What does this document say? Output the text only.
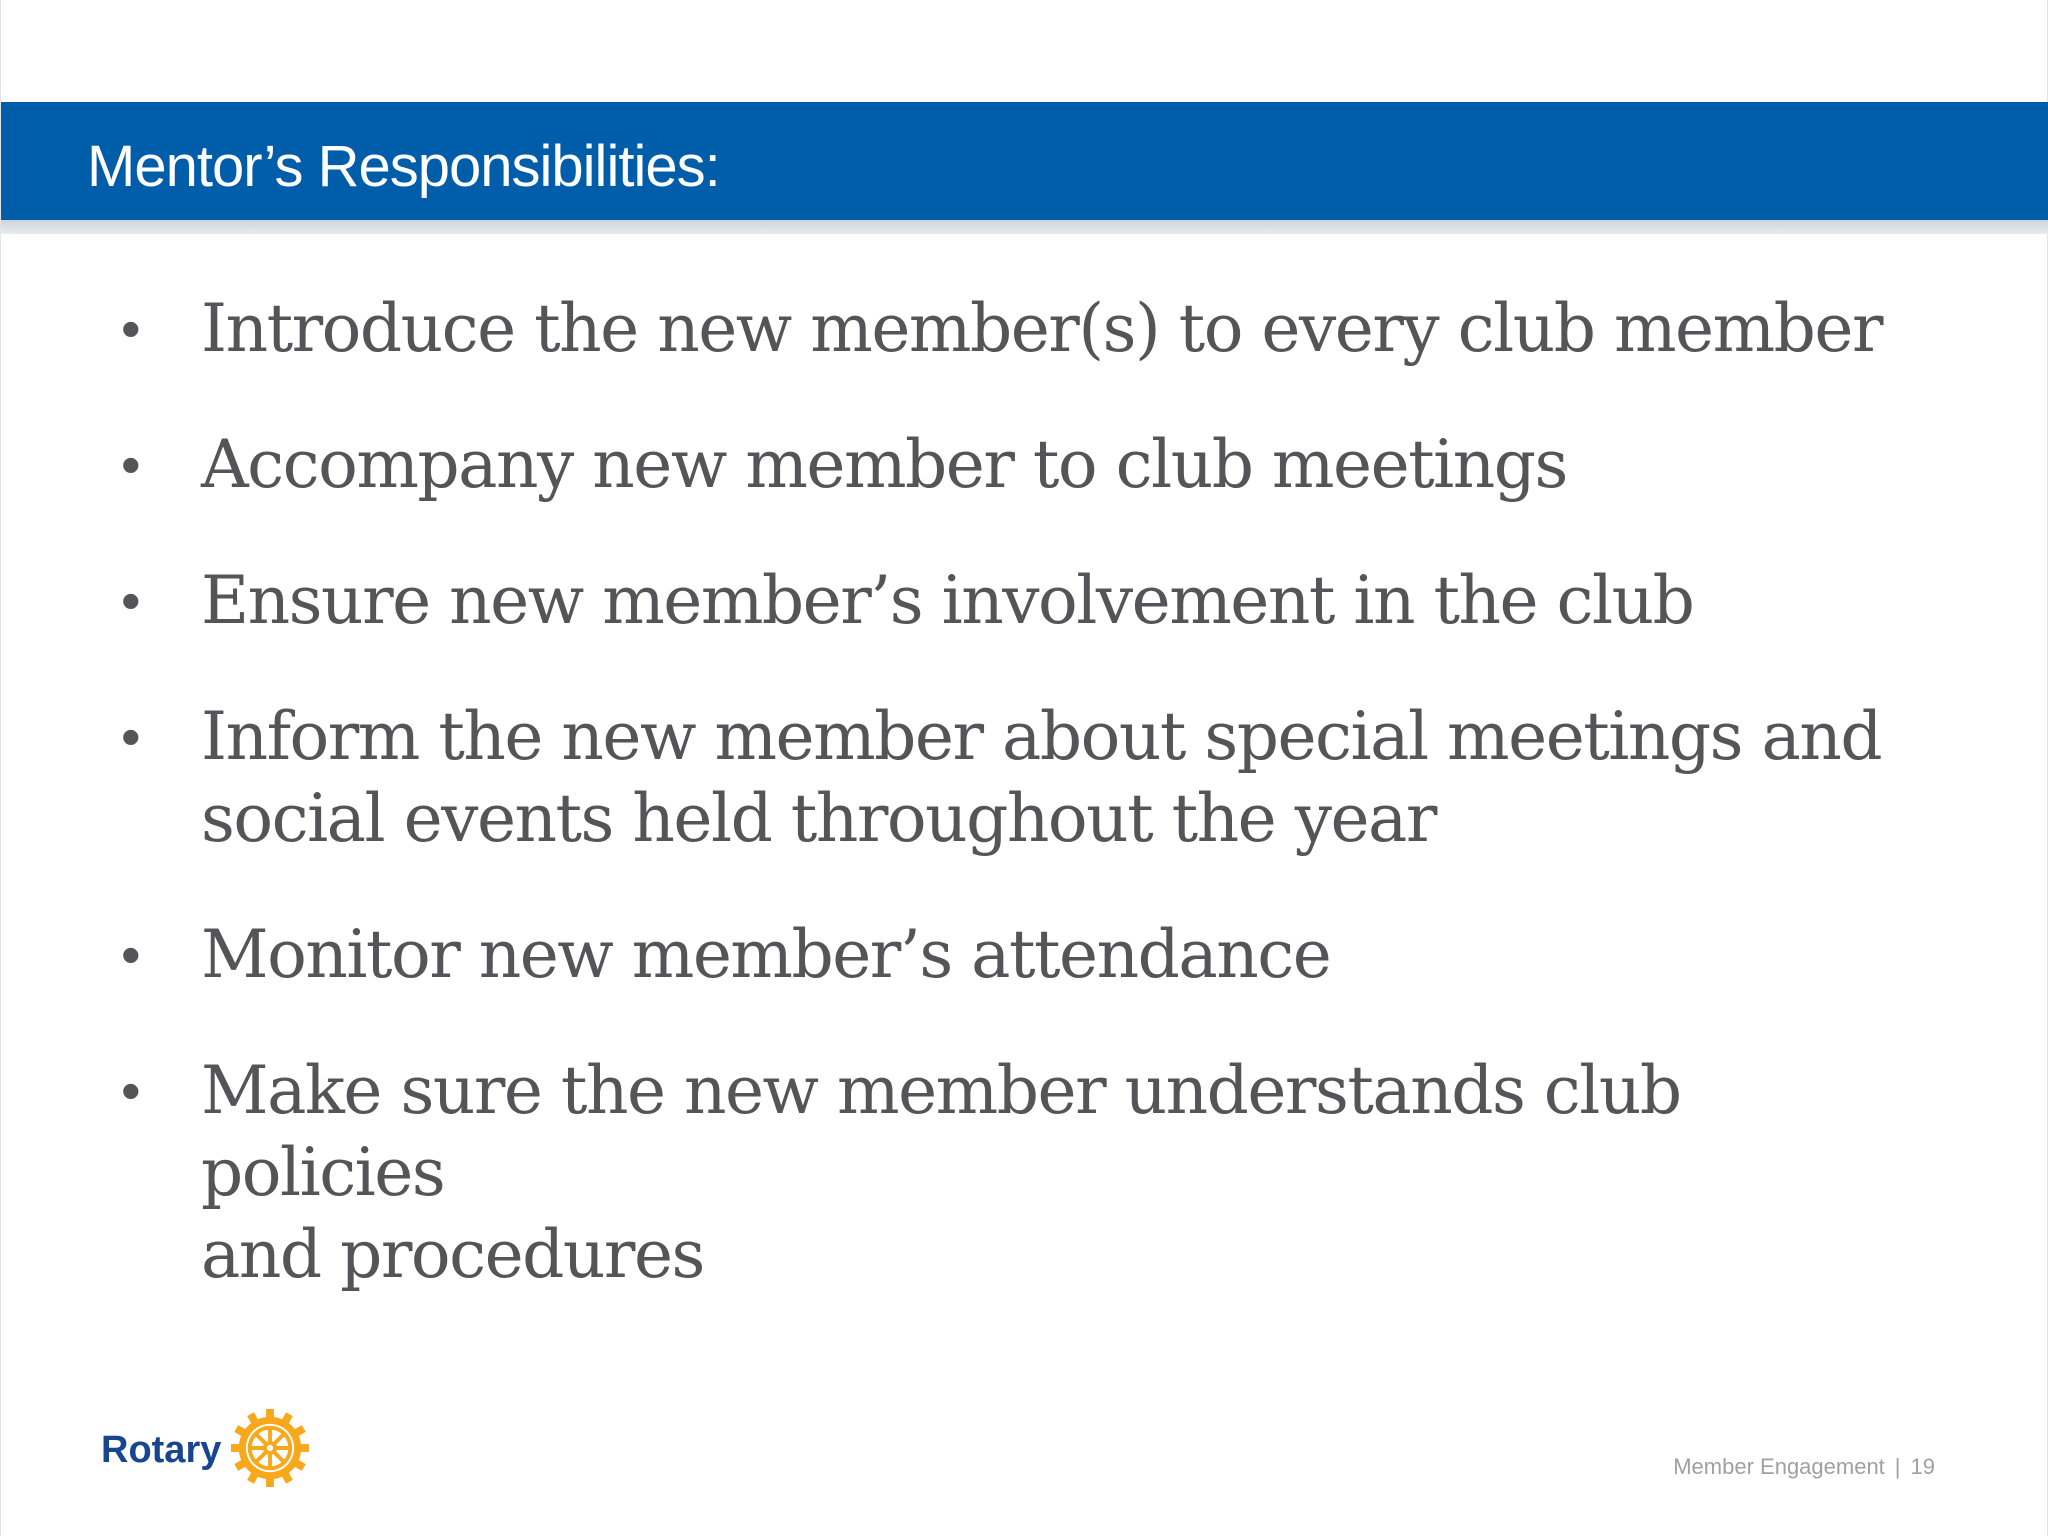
Mentor’s Responsibilities:
• Introduce the new member(s) to every club member
• Accompany new member to club meetings
• Ensure new member’s involvement in the club
• Inform the new member about special meetings and
social events held throughout the year
• Monitor new member’s attendance
• Make sure the new member understands club policies
and procedures
Rotary	Member Engagement | 19
